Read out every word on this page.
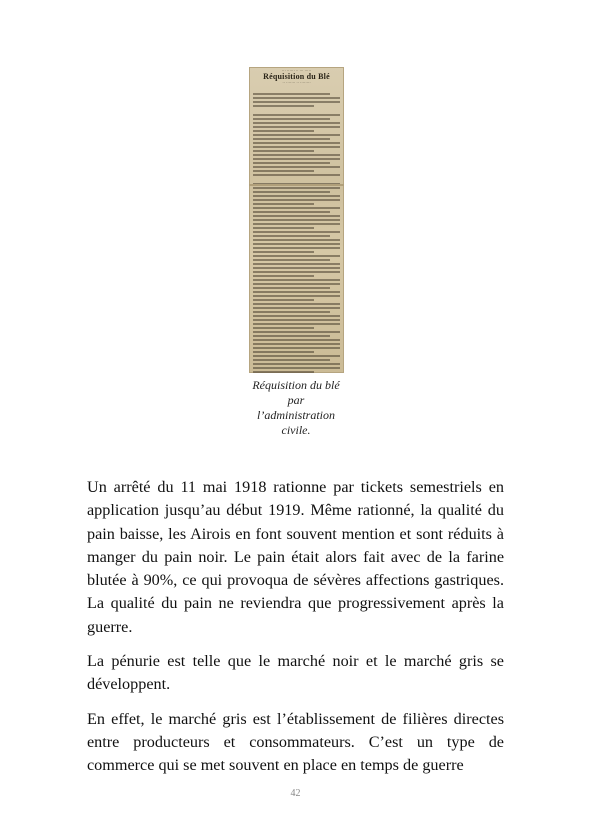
··· ······ ·· ··· ·····
Réquisition du Blé
·· ······· ·· ········
Réquisition du blé
par
l’administration
civile.

Un arrêté du 11 mai 1918 rationne par tickets semestriels en application jusqu’au début 1919. Même rationné, la qualité du pain baisse, les Airois en font souvent mention et sont réduits à manger du pain noir. Le pain était alors fait avec de la farine blutée à 90%, ce qui provoqua de sévères affections gastriques. La qualité du pain ne reviendra que progressivement après la guerre.

La pénurie est telle que le marché noir et le marché gris se développent.

En effet, le marché gris est l’établissement de filières directes entre producteurs et consommateurs. C’est un type de commerce qui se met souvent en place en temps de guerre

42
